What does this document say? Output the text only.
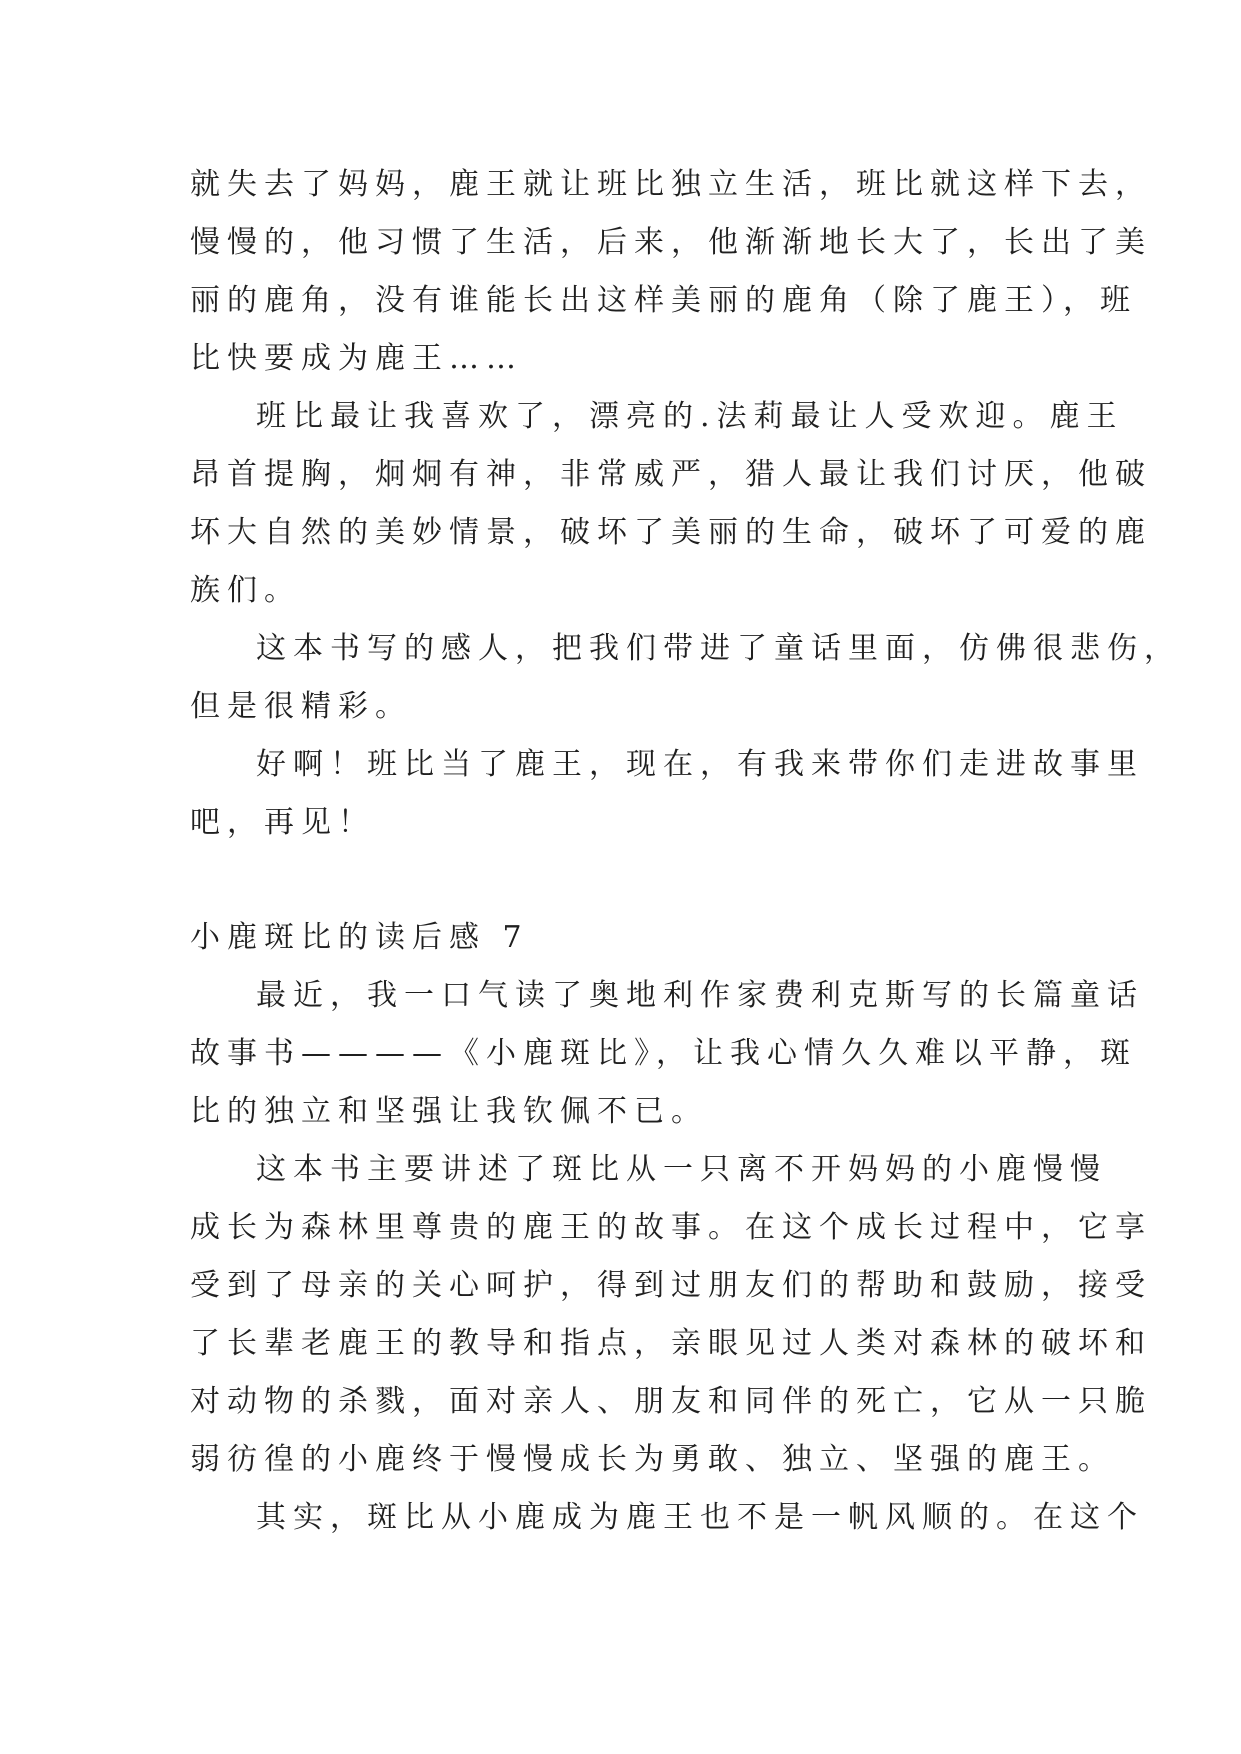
就失去了妈妈，鹿王就让班比独立生活，班比就这样下去，
慢慢的，他习惯了生活，后来，他渐渐地长大了，长出了美
丽的鹿角，没有谁能长出这样美丽的鹿角（除了鹿王），班
比快要成为鹿王……
班比最让我喜欢了，漂亮的.法莉最让人受欢迎。鹿王
昂首提胸，炯炯有神，非常威严，猎人最让我们讨厌，他破
坏大自然的美妙情景，破坏了美丽的生命，破坏了可爱的鹿
族们。
这本书写的感人，把我们带进了童话里面，仿佛很悲伤，
但是很精彩。
好啊！班比当了鹿王，现在，有我来带你们走进故事里
吧，再见！
小鹿斑比的读后感 7
最近，我一口气读了奥地利作家费利克斯写的长篇童话
故事书————《小鹿斑比》，让我心情久久难以平静，斑
比的独立和坚强让我钦佩不已。
这本书主要讲述了斑比从一只离不开妈妈的小鹿慢慢
成长为森林里尊贵的鹿王的故事。在这个成长过程中，它享
受到了母亲的关心呵护，得到过朋友们的帮助和鼓励，接受
了长辈老鹿王的教导和指点，亲眼见过人类对森林的破坏和
对动物的杀戮，面对亲人、朋友和同伴的死亡，它从一只脆
弱彷徨的小鹿终于慢慢成长为勇敢、独立、坚强的鹿王。
其实，斑比从小鹿成为鹿王也不是一帆风顺的。在这个
